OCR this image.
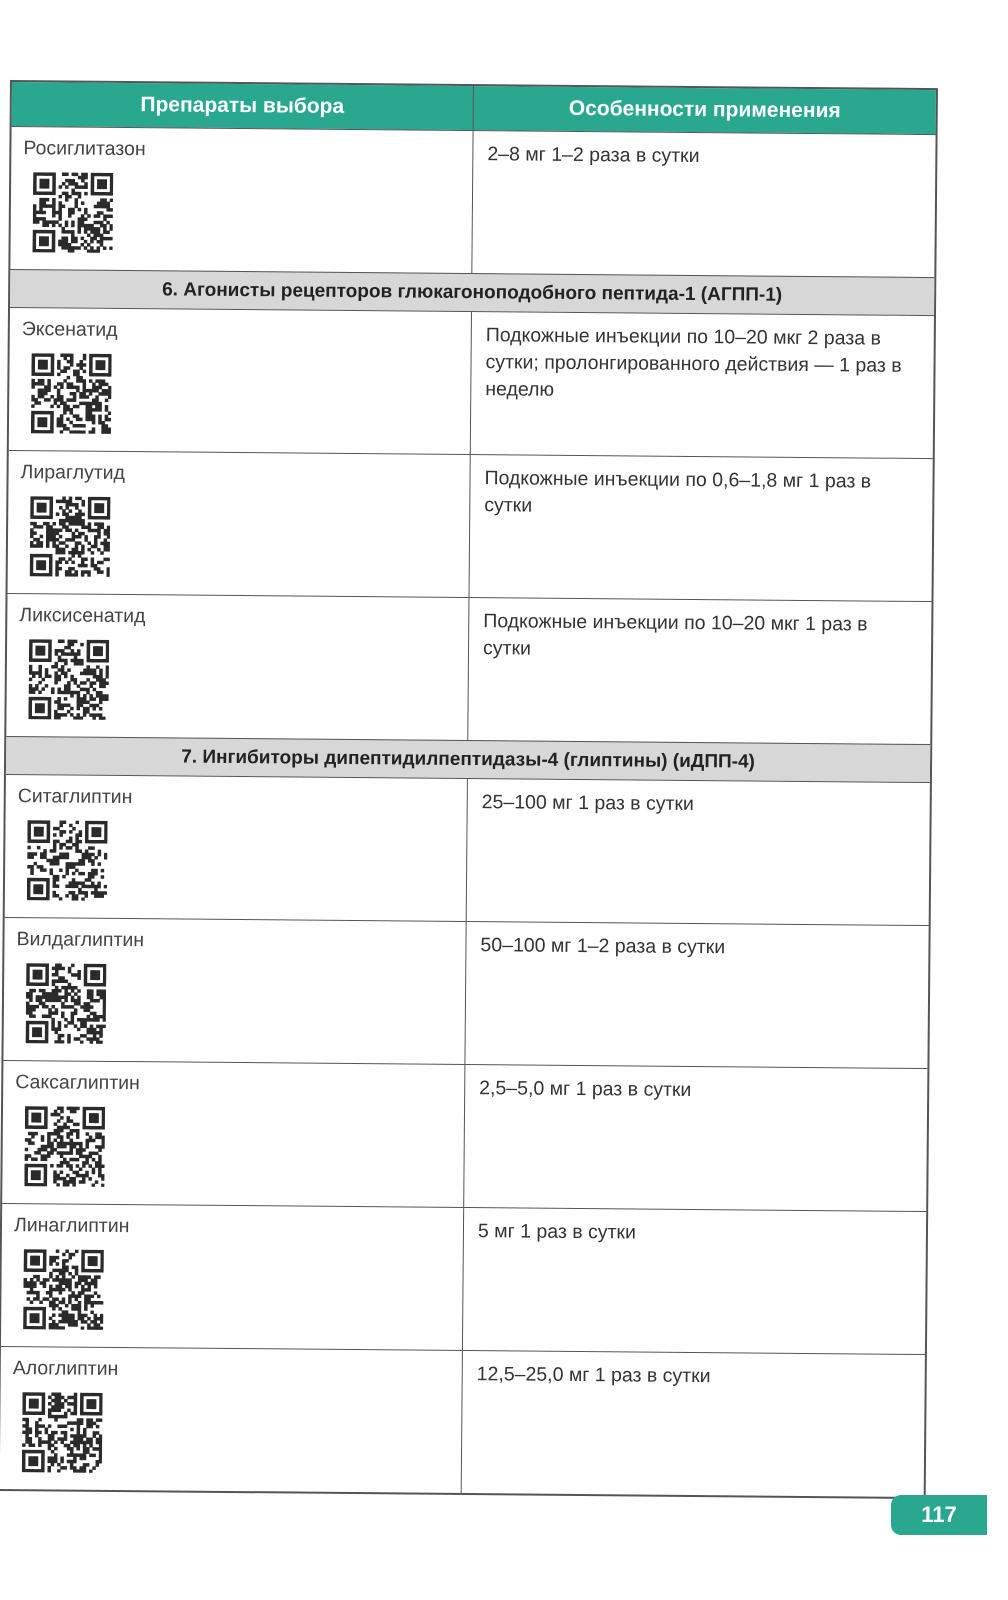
Препараты выбора	Особенности применения
Росиглитазон	2–8 мг 1–2 раза в сутки
6. Агонисты рецепторов глюкагоноподобного пептида-1 (АГПП-1)
Эксенатид	Подкожные инъекции по 10–20 мкг 2 раза в сутки; пролонгированного действия — 1 раз в неделю
Лираглутид	Подкожные инъекции по 0,6–1,8 мг 1 раз в сутки
Ликсисенатид	Подкожные инъекции по 10–20 мкг 1 раз в сутки
7. Ингибиторы дипептидилпептидазы-4 (глиптины) (иДПП-4)
Ситаглиптин	25–100 мг 1 раз в сутки
Вилдаглиптин	50–100 мг 1–2 раза в сутки
Саксаглиптин	2,5–5,0 мг 1 раз в сутки
Линаглиптин	5 мг 1 раз в сутки
Алоглиптин	12,5–25,0 мг 1 раз в сутки
117
